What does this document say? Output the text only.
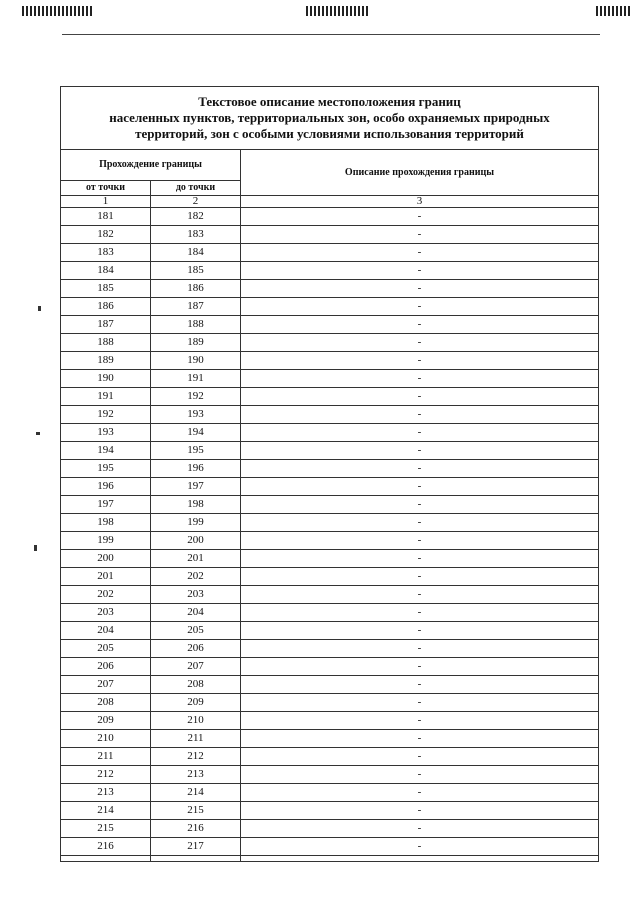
Текстовое описание местоположения границ
населенных пунктов, территориальных зон, особо охраняемых природных
территорий, зон с особыми условиями использования территорий		

Прохождение границы		Описание прохождения границы
от точки	до точки	
1	2	3
181	182	-
182	183	-
183	184	-
184	185	-
185	186	-
186	187	-
187	188	-
188	189	-
189	190	-
190	191	-
191	192	-
192	193	-
193	194	-
194	195	-
195	196	-
196	197	-
197	198	-
198	199	-
199	200	-
200	201	-
201	202	-
202	203	-
203	204	-
204	205	-
205	206	-
206	207	-
207	208	-
208	209	-
209	210	-
210	211	-
211	212	-
212	213	-
213	214	-
214	215	-
215	216	-
216	217	-
